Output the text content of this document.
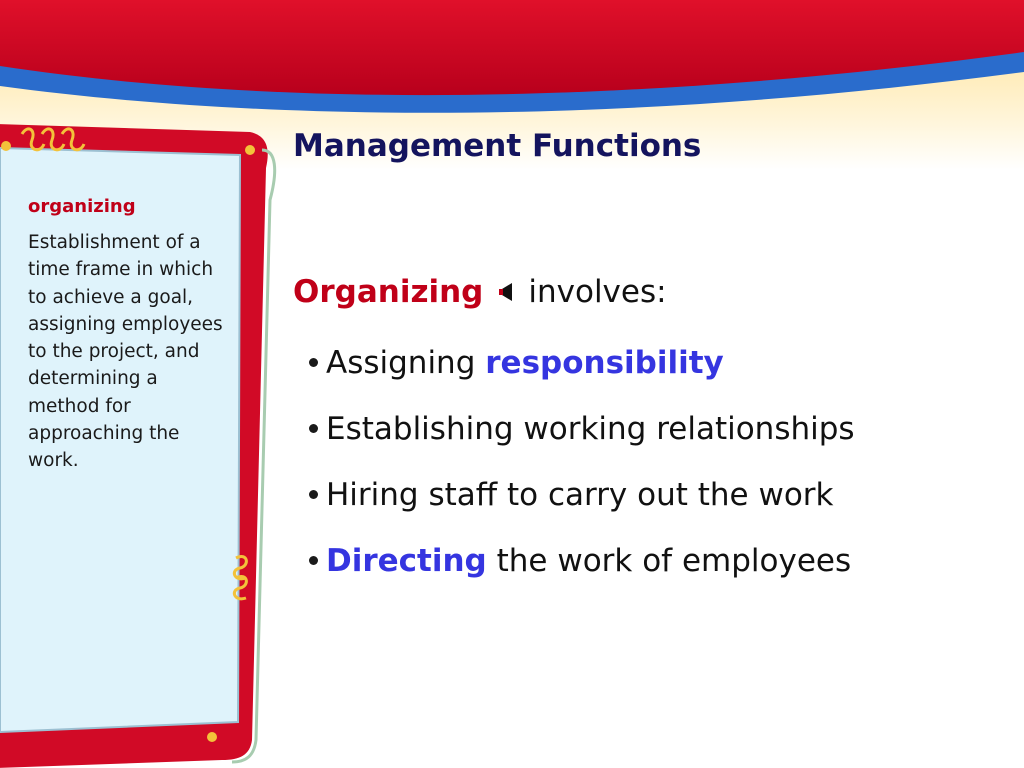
organizing

Establishment of a time frame in which to achieve a goal, assigning employees to the project, and determining a method for approaching the work.

Management Functions
Organizing involves:
Assigning responsibility
Establishing working relationships
Hiring staff to carry out the work
Directing the work of employees
